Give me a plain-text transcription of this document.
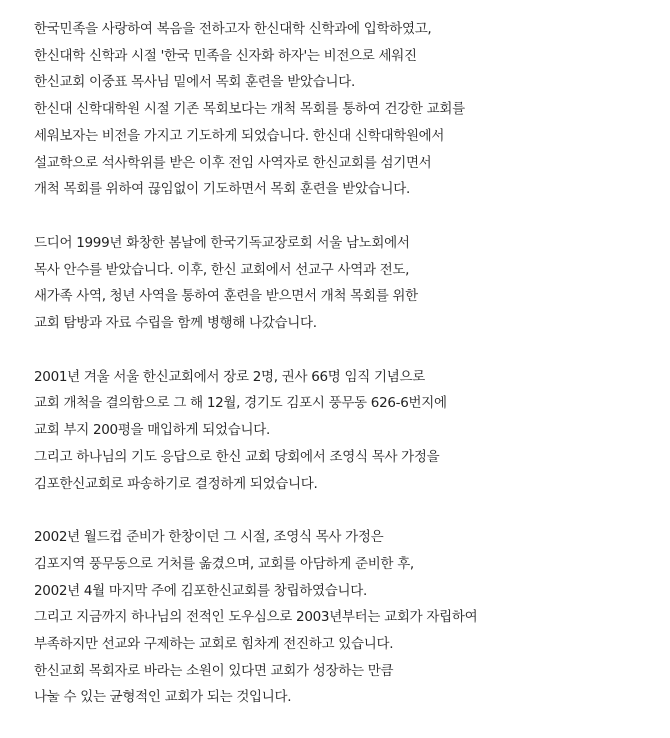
한국민족을 사랑하여 복음을 전하고자 한신대학 신학과에 입학하였고,
한신대학 신학과 시절 '한국 민족을 신자화 하자'는 비전으로 세워진
한신교회 이중표 목사님 밑에서 목회 훈련을 받았습니다.
한신대 신학대학원 시절 기존 목회보다는 개척 목회를 통하여 건강한 교회를
세워보자는 비전을 가지고 기도하게 되었습니다. 한신대 신학대학원에서
설교학으로 석사학위를 받은 이후 전임 사역자로 한신교회를 섬기면서
개척 목회를 위하여 끊임없이 기도하면서 목회 훈련을 받았습니다.
드디어 1999년 화창한 봄날에 한국기독교장로회 서울 남노회에서
목사 안수를 받았습니다. 이후, 한신 교회에서 선교구 사역과 전도,
새가족 사역, 청년 사역을 통하여 훈련을 받으면서 개척 목회를 위한
교회 탐방과 자료 수립을 함께 병행해 나갔습니다.
2001년 겨울 서울 한신교회에서 장로 2명, 권사 66명 임직 기념으로
교회 개척을 결의함으로 그 해 12월, 경기도 김포시 풍무동 626-6번지에
교회 부지 200평을 매입하게 되었습니다.
그리고 하나님의 기도 응답으로 한신 교회 당회에서 조영식 목사 가정을
김포한신교회로 파송하기로 결정하게 되었습니다.
2002년 월드컵 준비가 한창이던 그 시절, 조영식 목사 가정은
김포지역 풍무동으로 거처를 옮겼으며, 교회를 아담하게 준비한 후,
2002년 4월 마지막 주에 김포한신교회를 창립하였습니다.
그리고 지금까지 하나님의 전적인 도우심으로 2003년부터는 교회가 자립하여
부족하지만 선교와 구제하는 교회로 힘차게 전진하고 있습니다.
한신교회 목회자로 바라는 소원이 있다면 교회가 성장하는 만큼
나눌 수 있는 균형적인 교회가 되는 것입니다.
